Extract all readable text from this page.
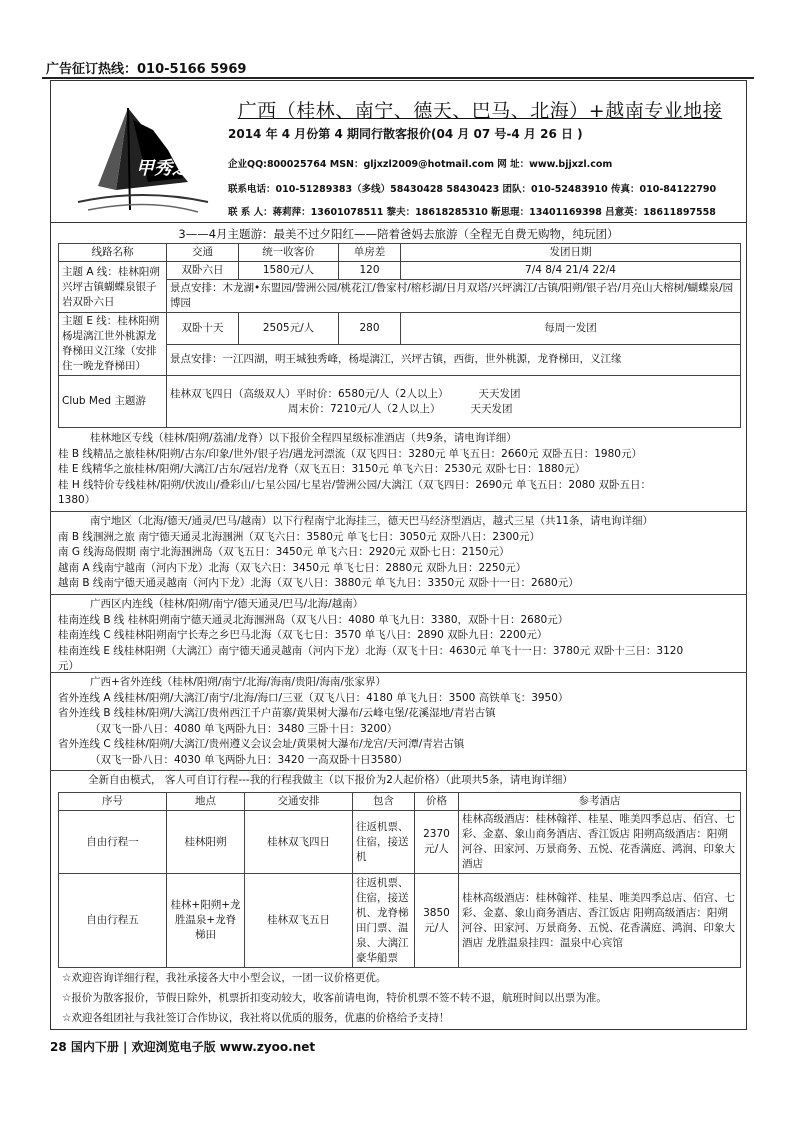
广告征订热线：010-5166 5969
甲秀之旅
广西（桂林、南宁、德天、巴马、北海）+越南专业地接
2014 年 4 月份第 4 期同行散客报价(04 月 07 号-4 月 26 日 )
企业QQ:800025764 MSN：gljxzl2009@hotmail.com 网 址：www.bjjxzl.com
联系电话：010-51289383（多线）58430428 58430423 团队：010-52483910 传真：010-84122790
联 系 人：蒋莉萍：13601078511 黎夫：18618285310 靳思琨：13401169398 吕意英：18611897558
3——4月主题游：最美不过夕阳红——陪着爸妈去旅游（全程无自费无购物，纯玩团）
线路名称	交通	统一收客价	单房差	发团日期
主题 A 线：桂林阳朔兴坪古镇蝴蝶泉银子岩双卧六日	双卧六日	1580元/人	120	7/4 8/4 21/4 22/4
	景点安排：木龙湖•东盟园/訾洲公园/桃花江/鲁家村/榕杉湖/日月双塔/兴坪漓江/古镇/阳朔/银子岩/月亮山大榕树/蝴蝶泉/园博园			
主题 E 线：桂林阳朔杨堤漓江世外桃源龙脊梯田义江缘（安排住一晚龙脊梯田）	双卧十天	2505元/人	280	每周一发团
	景点安排：一江四湖，明王城独秀峰，杨堤漓江，兴坪古镇，西街，世外桃源，龙脊梯田，义江缘			
Club Med 主题游	桂林双飞四日（高级双人）平时价：6580元/人（2人以上） 天天发团
周末价：7210元/人（2人以上） 天天发团			
桂林地区专线（桂林/阳朔/荔浦/龙脊）以下报价全程四星级标准酒店（共9条，请电询详细）
桂 B 线精品之旅桂林/阳朔/古东/印象/世外/银子岩/遇龙河漂流（双飞四日：3280元 单飞五日：2660元 双卧五日：1980元）
桂 E 线精华之旅桂林/阳朔/大漓江/古东/冠岩/龙脊（双飞五日：3150元 单飞六日：2530元 双卧七日：1880元）
桂 H 线特价专线桂林/阳朔/伏波山/叠彩山/七星公园/七星岩/訾洲公园/大漓江（双飞四日：2690元 单飞五日：2080 双卧五日：
1380）
南宁地区（北海/德天/通灵/巴马/越南）以下行程南宁北海挂三，德天巴马经济型酒店，越式三星（共11条，请电询详细）
南 B 线涠洲之旅 南宁德天通灵北海涠洲（双飞六日：3580元 单飞七日：3050元 双卧八日：2300元）
南 G 线海岛假期 南宁北海涠洲岛（双飞五日：3450元 单飞六日：2920元 双卧七日：2150元）
越南 A 线南宁越南（河内下龙）北海（双飞六日：3450元 单飞七日：2880元 双卧九日：2250元）
越南 B 线南宁德天通灵越南（河内下龙）北海（双飞八日：3880元 单飞九日：3350元 双卧十一日：2680元）
广西区内连线（桂林/阳朔/南宁/德天通灵/巴马/北海/越南）
桂南连线 B 线 桂林阳朔南宁德天通灵北海涠洲岛（双飞八日：4080 单飞九日：3380，双卧十日：2680元）
桂南连线 C 线桂林阳朔南宁长寿之乡巴马北海（双飞七日：3570 单飞八日：2890 双卧九日：2200元）
桂南连线 E 线桂林阳朔（大漓江）南宁德天通灵越南（河内下龙）北海（双飞十日：4630元 单飞十一日：3780元 双卧十三日：3120
元）
广西+省外连线（桂林/阳朔/南宁/北海/海南/贵阳/海南/张家界）
省外连线 A 线桂林/阳朔/大漓江/南宁/北海/海口/三亚（双飞八日：4180 单飞九日：3500 高铁单飞：3950）
省外连线 B 线桂林/阳朔/大漓江/贵州西江千户苗寨/黄果树大瀑布/云峰屯堡/花溪湿地/青岩古镇
（双飞一卧八日：4080 单飞两卧九日：3480 三卧十日：3200）
省外连线 C 线桂林/阳朔/大漓江/贵州遵义会议会址/黄果树大瀑布/龙宫/天河潭/青岩古镇
（双飞一卧八日：4030 单飞两卧九日：3420 一高双卧十日3580）
全新自由模式， 客人可自订行程---我的行程我做主（以下报价为2人起价格）（此项共5条，请电询详细）
序号	地点	交通安排	包含	价格	参考酒店
自由行程一	桂林阳朔	桂林双飞四日	往返机票、住宿，接送机	2370元/人	桂林高级酒店：桂林翰祥、桂星、唯美四季总店、佰宫、七彩、金嘉、象山商务酒店、香江饭店 阳朔高级酒店：阳朔河谷、田家河、万景商务、五悦、花香满庭、鸿润、印象大酒店
自由行程五	桂林+阳朔+龙胜温泉+龙脊梯田	桂林双飞五日	往返机票、住宿，接送机、龙脊梯田门票、温泉、大漓江豪华船票	3850元/人	桂林高级酒店：桂林翰祥、桂星、唯美四季总店、佰宫、七彩、金嘉、象山商务酒店、香江饭店 阳朔高级酒店：阳朔河谷、田家河、万景商务、五悦、花香满庭、鸿润、印象大酒店 龙胜温泉挂四：温泉中心宾馆
☆欢迎咨询详细行程，我社承接各大中小型会议，一团一议价格更优。
☆报价为散客报价，节假日除外，机票折扣变动较大，收客前请电询，特价机票不签不转不退，航班时间以出票为准。
☆欢迎各组团社与我社签订合作协议，我社将以优质的服务，优惠的价格给予支持！
28 国内下册 | 欢迎浏览电子版 www.zyoo.net
